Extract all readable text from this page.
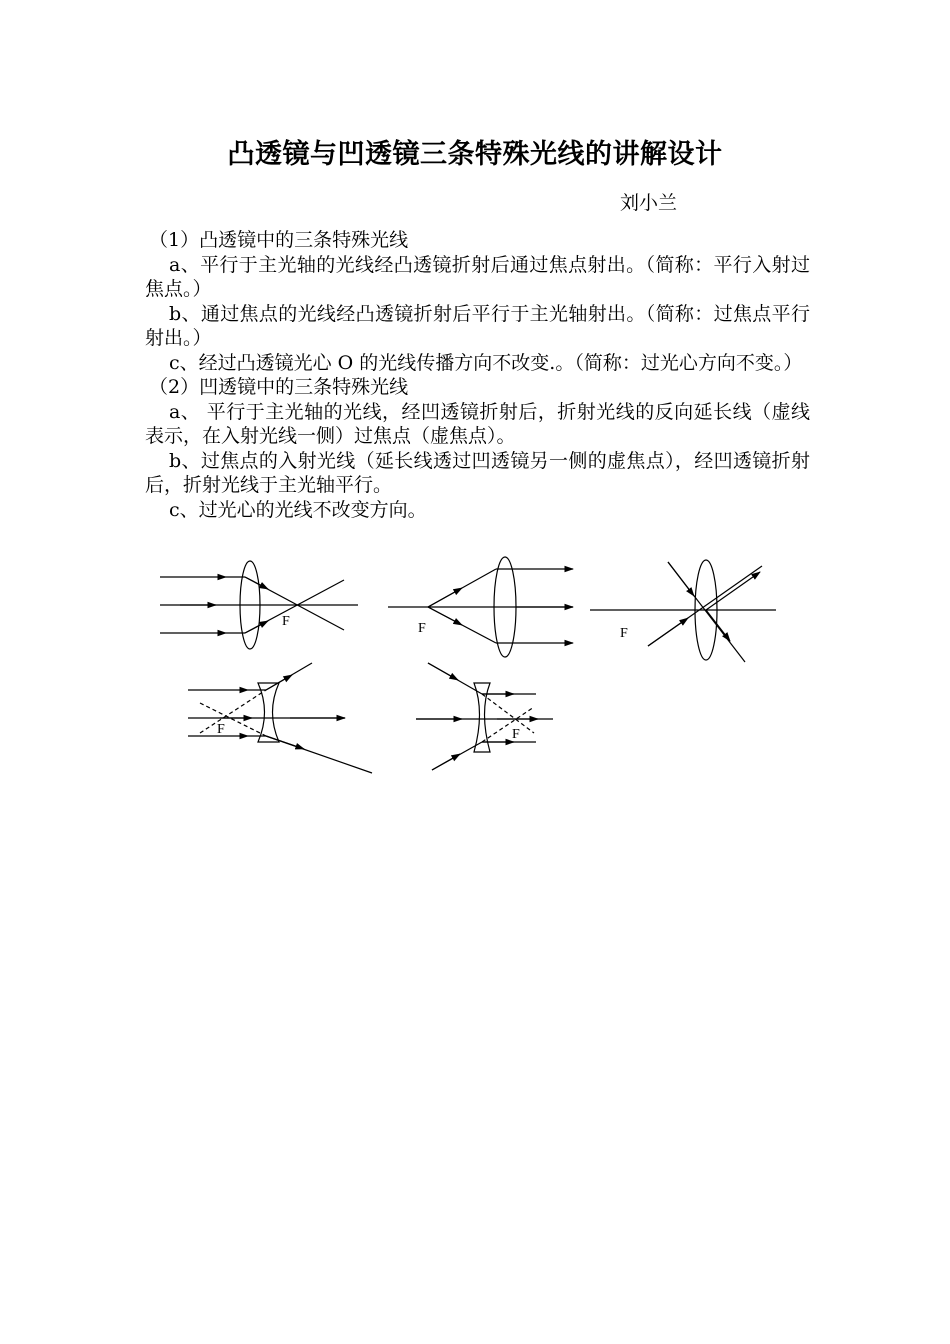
凸透镜与凹透镜三条特殊光线的讲解设计
刘小兰

（1）凸透镜中的三条特殊光线

a、平行于主光轴的光线经凸透镜折射后通过焦点射出。（简称：平行入射过焦点。）

b、通过焦点的光线经凸透镜折射后平行于主光轴射出。（简称：过焦点平行射出。）

c、经过凸透镜光心 O 的光线传播方向不改变.。（简称：过光心方向不变。）

（2）凹透镜中的三条特殊光线

a、 平行于主光轴的光线，经凹透镜折射后，折射光线的反向延长线（虚线表示，在入射光线一侧）过焦点（虚焦点）。

b、过焦点的入射光线（延长线透过凹透镜另一侧的虚焦点），经凹透镜折射后，折射光线于主光轴平行。

c、过光心的光线不改变方向。

F	F	F
F	F
